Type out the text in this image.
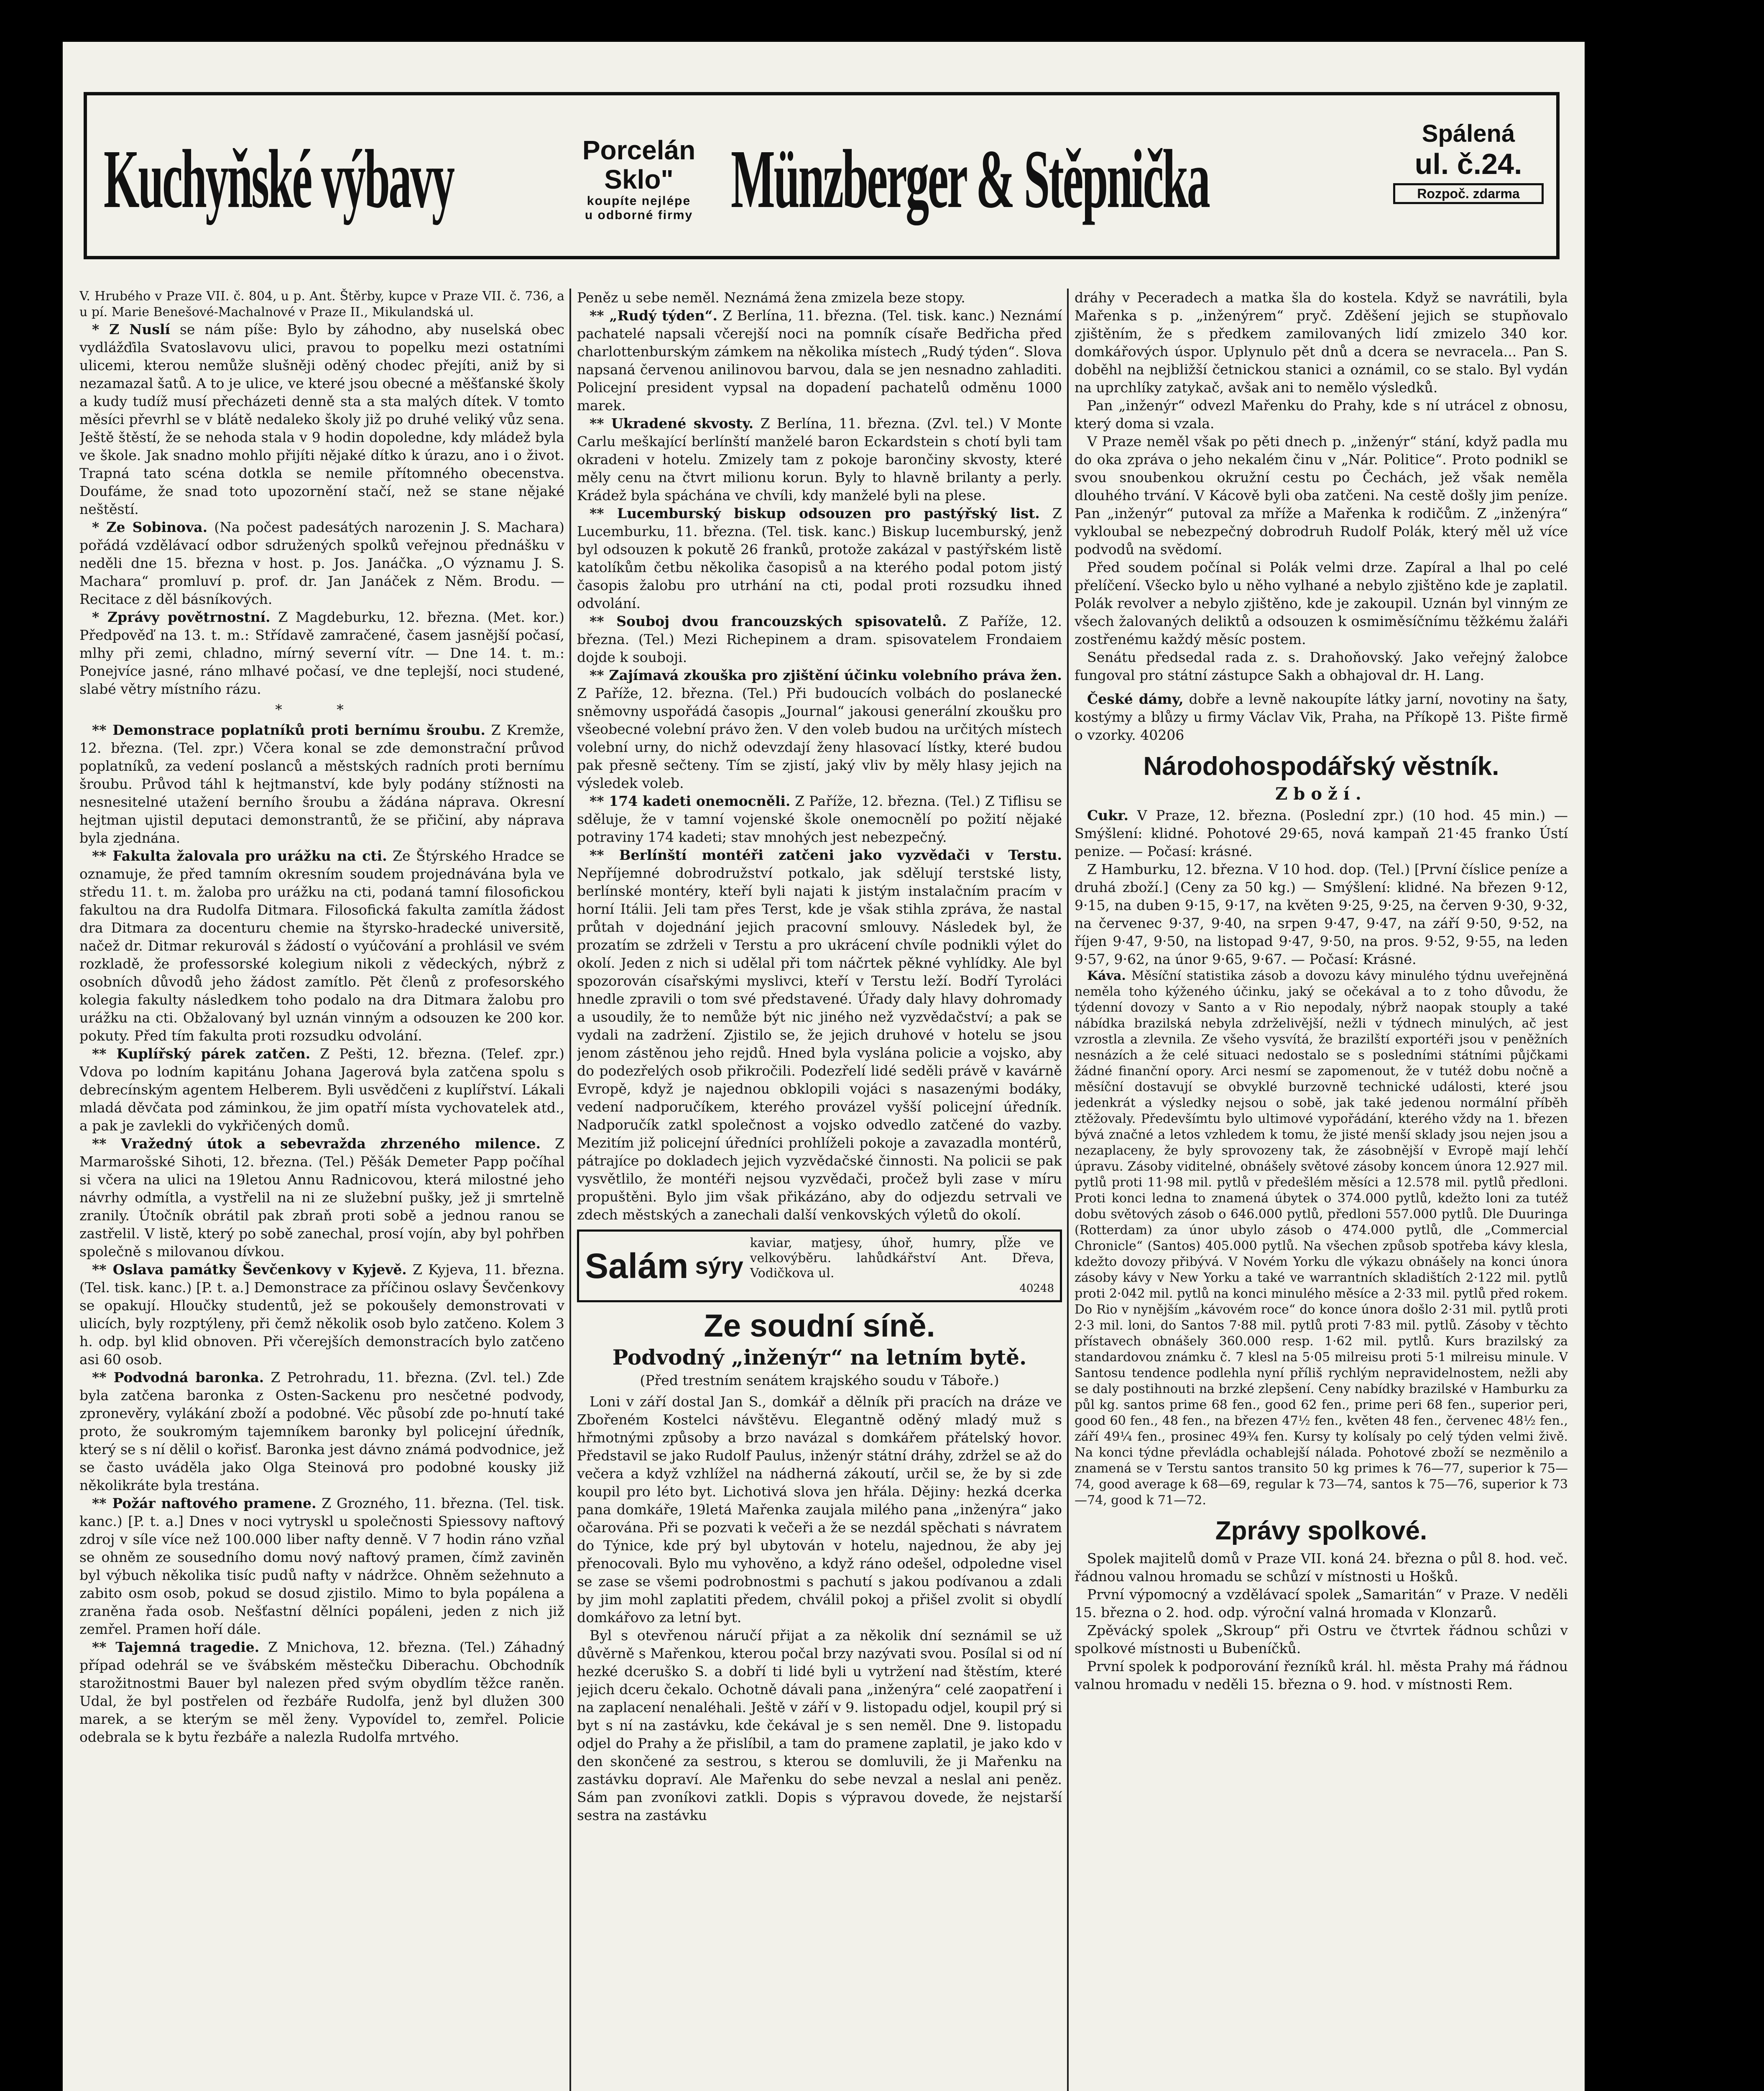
Kuchyňské výbavy	Porcelán
Sklo"
koupíte nejlépe
u odborné firmy Münzberger & Stěpnička	Spálená
ul. č.24.
Rozpoč. zdarma

V. Hrubého v Praze VII. č. 804, u p. Ant. Štěrby, kupce v Praze VII. č. 736, a u pí. Marie Benešové-Machalnové v Praze II., Mikulandská ul.

* Z Nuslí se nám píše: Bylo by záhodno, aby nuselská obec vydlážďila Svatoslavovu ulici, pravou to popelku mezi ostatními ulicemi, kterou nemůže slušněji oděný chodec přejíti, aniž by si nezamazal šatů. A to je ulice, ve které jsou obecné a měšťanské školy a kudy tudíž musí přecházeti denně sta a sta malých dítek. V tomto měsíci převrhl se v blátě nedaleko školy již po druhé veliký vůz sena. Ještě štěstí, že se nehoda stala v 9 hodin dopoledne, kdy mládež byla ve škole. Jak snadno mohlo přijíti nějaké dítko k úrazu, ano i o život. Trapná tato scéna dotkla se nemile přítomného obecenstva. Doufáme, že snad toto upozornění stačí, než se stane nějaké neštěstí.

* Ze Sobinova. (Na počest padesátých narozenin J. S. Machara) pořádá vzdělávací odbor sdružených spolků veřejnou přednášku v neděli dne 15. března v host. p. Jos. Janáčka. „O významu J. S. Machara“ promluví p. prof. dr. Jan Janáček z Něm. Brodu. — Recitace z děl básníkových.

* Zprávy povětrnostní. Z Magdeburku, 12. března. (Met. kor.) Předpověď na 13. t. m.: Střídavě zamračené, časem jasnější počasí, mlhy při zemi, chladno, mírný severní vítr. — Dne 14. t. m.: Ponejvíce jasné, ráno mlhavé počasí, ve dne teplejší, noci studené, slabé větry místního rázu.

* *

** Demonstrace poplatníků proti bernímu šroubu. Z Kremže, 12. března. (Tel. zpr.) Včera konal se zde demonstrační průvod poplatníků, za vedení poslanců a městských radních proti bernímu šroubu. Průvod táhl k hejtmanství, kde byly podány stížnosti na nesnesitelné utažení berního šroubu a žádána náprava. Okresní hejtman ujistil deputaci demonstrantů, že se přičiní, aby náprava byla zjednána.

** Fakulta žalovala pro urážku na cti. Ze Štýrského Hradce se oznamuje, že před tamním okresním soudem projednávána byla ve středu 11. t. m. žaloba pro urážku na cti, podaná tamní filosofickou fakultou na dra Rudolfa Ditmara. Filosofická fakulta zamítla žádost dra Ditmara za docenturu chemie na štyrsko-hradecké universitě, načež dr. Ditmar rekurovál s žádostí o vyúčování a prohlásil ve svém rozkladě, že professorské kolegium nikoli z vědeckých, nýbrž z osobních důvodů jeho žádost zamítlo. Pět členů z profesorského kolegia fakulty následkem toho podalo na dra Ditmara žalobu pro urážku na cti. Obžalovaný byl uznán vinným a odsouzen ke 200 kor. pokuty. Před tím fakulta proti rozsudku odvolání.

** Kuplířský párek zatčen. Z Pešti, 12. března. (Telef. zpr.) Vdova po lodním kapitánu Johana Jagerová byla zatčena spolu s debrecínským agentem Helberem. Byli usvědčeni z kuplířství. Lákali mladá děvčata pod záminkou, že jim opatří místa vychovatelek atd., a pak je zavlekli do vykřičených domů.

** Vražedný útok a sebevražda zhrzeného milence. Z Marmarošské Sihoti, 12. března. (Tel.) Pěšák Demeter Papp počíhal si včera na ulici na 19letou Annu Radnicovou, která milostné jeho návrhy odmítla, a vystřelil na ni ze služební pušky, jež ji smrtelně zranily. Útočník obrátil pak zbraň proti sobě a jednou ranou se zastřelil. V listě, který po sobě zanechal, prosí vojín, aby byl pohřben společně s milovanou dívkou.

** Oslava památky Ševčenkovy v Kyjevě. Z Kyjeva, 11. března. (Tel. tisk. kanc.) [P. t. a.] Demonstrace za příčinou oslavy Ševčenkovy se opakují. Hloučky studentů, jež se pokoušely demonstrovati v ulicích, byly rozptýleny, při čemž několik osob bylo zatčeno. Kolem 3 h. odp. byl klid obnoven. Při včerejších demonstracích bylo zatčeno asi 60 osob.

** Podvodná baronka. Z Petrohradu, 11. března. (Zvl. tel.) Zde byla zatčena baronka z Osten-Sackenu pro nesčetné podvody, zpronevěry, vylákání zboží a podobné. Věc působí zde po-hnutí také proto, že soukromým tajemníkem baronky byl policejní úředník, který se s ní dělil o kořisť. Baronka jest dávno známá podvodnice, jež se často uváděla jako Olga Steinová pro podobné kousky již několikráte byla trestána.

** Požár naftového pramene. Z Grozného, 11. března. (Tel. tisk. kanc.) [P. t. a.] Dnes v noci vytryskl u společnosti Spiessovy naftový zdroj v síle více než 100.000 liber nafty denně. V 7 hodin ráno vzňal se ohněm ze sousedního domu nový naftový pramen, čímž zaviněn byl výbuch několika tisíc pudů nafty v nádržce. Ohněm sežehnuto a zabito osm osob, pokud se dosud zjistilo. Mimo to byla popálena a zraněna řada osob. Nešťastní dělníci popáleni, jeden z nich již zemřel. Pramen hoří dále.

** Tajemná tragedie. Z Mnichova, 12. března. (Tel.) Záhadný případ odehrál se ve švábském městečku Diberachu. Obchodník starožitnostmi Bauer byl nalezen před svým obydlím těžce raněn. Udal, že byl postřelen od řezbáře Rudolfa, jenž byl dlužen 300 marek, a se kterým se měl ženy. Vypovídel to, zemřel. Policie odebrala se k bytu řezbáře a nalezla Rudolfa mrtvého.

Peněz u sebe neměl. Neznámá žena zmizela beze stopy.

** „Rudý týden“. Z Berlína, 11. března. (Tel. tisk. kanc.) Neznámí pachatelé napsali včerejší noci na pomník císaře Bedřicha před charlottenburským zámkem na několika místech „Rudý týden“. Slova napsaná červenou anilinovou barvou, dala se jen nesnadno zahladiti. Policejní president vypsal na dopadení pachatelů odměnu 1000 marek.

** Ukradené skvosty. Z Berlína, 11. března. (Zvl. tel.) V Monte Carlu meškající berlínští manželé baron Eckardstein s chotí byli tam okradeni v hotelu. Zmizely tam z pokoje barončiny skvosty, které měly cenu na čtvrt milionu korun. Byly to hlavně brilanty a perly. Krádež byla spáchána ve chvíli, kdy manželé byli na plese.

** Lucemburský biskup odsouzen pro pastýřský list. Z Lucemburku, 11. března. (Tel. tisk. kanc.) Biskup lucemburský, jenž byl odsouzen k pokutě 26 franků, protože zakázal v pastýřském listě katolíkům četbu několika časopisů a na kterého podal potom jistý časopis žalobu pro utrhání na cti, podal proti rozsudku ihned odvolání.

** Souboj dvou francouzských spisovatelů. Z Paříže, 12. března. (Tel.) Mezi Richepinem a dram. spisovatelem Frondaiem dojde k souboji.

** Zajímavá zkouška pro zjištění účinku volebního práva žen. Z Paříže, 12. března. (Tel.) Při budoucích volbách do poslanecké sněmovny uspořádá časopis „Journal“ jakousi generální zkoušku pro všeobecné volební právo žen. V den voleb budou na určitých místech volební urny, do nichž odevzdají ženy hlasovací lístky, které budou pak přesně sečteny. Tím se zjistí, jaký vliv by měly hlasy jejich na výsledek voleb.

** 174 kadeti onemocněli. Z Paříže, 12. března. (Tel.) Z Tiflisu se sděluje, že v tamní vojenské škole onemocnělí po požití nějaké potraviny 174 kadeti; stav mnohých jest nebezpečný.

** Berlínští montéři zatčeni jako vyzvědači v Terstu. Nepříjemné dobrodružství potkalo, jak sdělují terstské listy, berlínské montéry, kteří byli najati k jistým instalačním pracím v horní Itálii. Jeli tam přes Terst, kde je však stihla zpráva, že nastal průtah v dojednání jejich pracovní smlouvy. Následek byl, že prozatím se zdrželi v Terstu a pro ukrácení chvíle podnikli výlet do okolí. Jeden z nich si udělal při tom náčrtek pěkné vyhlídky. Ale byl spozorován císařskými myslivci, kteří v Terstu leží. Bodří Tyroláci hnedle zpravili o tom své představené. Úřady daly hlavy dohromady a usoudily, že to nemůže být nic jiného než vyzvědačství; a pak se vydali na zadržení. Zjistilo se, že jejich druhové v hotelu se jsou jenom zástěnou jeho rejdů. Hned byla vyslána policie a vojsko, aby do podezřelých osob přikročili. Podezřelí lidé seděli právě v kavárně Evropě, když je najednou obklopili vojáci s nasazenými bodáky, vedení nadporučíkem, kterého provázel vyšší policejní úředník. Nadporučík zatkl společnost a vojsko odvedlo zatčené do vazby. Mezitím již policejní úředníci prohlíželi pokoje a zavazadla montérů, pátrajíce po dokladech jejich vyzvědačské činnosti. Na policii se pak vysvětlilo, že montéři nejsou vyzvědači, pročež byli zase v míru propuštěni. Bylo jim však přikázáno, aby do odjezdu setrvali ve zdech městských a zanechali další venkovských výletů do okolí.

Salám sýry
kaviar, matjesy, úhoř, humry, pl̈že ve velkovýběru. lahůdkářství Ant. Dřeva, Vodičkova ul.
40248
Ze soudní síně.
Podvodný „inženýr“ na letním bytě.
(Před trestním senátem krajského soudu v Táboře.)

Loni v září dostal Jan S., domkář a dělník při pracích na dráze ve Zbořeném Kostelci návštěvu. Elegantně oděný mladý muž s hřmotnými způsoby a brzo navázal s domkářem přátelský hovor. Představil se jako Rudolf Paulus, inženýr státní dráhy, zdržel se až do večera a když vzhlížel na nádherná zákoutí, určil se, že by si zde koupil pro léto byt. Lichotivá slova jen hřála. Dějiny: hezká dcerka pana domkáře, 19letá Mařenka zaujala milého pana „inženýra“ jako očarována. Při se pozvati k večeři a že se nezdál spěchati s návratem do Týnice, kde prý byl ubytován v hotelu, najednou, že aby jej přenocovali. Bylo mu vyhověno, a když ráno odešel, odpoledne visel se zase se všemi podrobnostmi s pachutí s jakou podívanou a zdali by jim mohl zaplatiti předem, chválil pokoj a přišel zvolit si obydlí domkářovo za letní byt.

Byl s otevřenou náručí přijat a za několik dní seznámil se už důvěrně s Mařenkou, kterou počal brzy nazývati svou. Posílal si od ní hezké dceruško S. a dobří ti lidé byli u vytržení nad štěstím, které jejich dceru čekalo. Ochotně dávali pana „inženýra“ celé zaopatření i na zaplacení nenaléhali. Ještě v září v 9. listopadu odjel, koupil prý si byt s ní na zastávku, kde čekával je s sen neměl. Dne 9. listopadu odjel do Prahy a že přislíbil, a tam do pramene zaplatil, je jako kdo v den skončené za sestrou, s kterou se domluvili, že ji Mařenku na zastávku dopraví. Ale Mařenku do sebe nevzal a neslal ani peněz. Sám pan zvoníkovi zatkli. Dopis s výpravou dovede, že nejstarší sestra na zastávku

dráhy v Peceradech a matka šla do kostela. Když se navrátili, byla Mařenka s p. „inženýrem“ pryč. Zděšení jejich se stupňovalo zjištěním, že s předkem zamilovaných lidí zmizelo 340 kor. domkářových úspor. Uplynulo pět dnů a dcera se nevracela... Pan S. doběhl na nejbližší četnickou stanici a oznámil, co se stalo. Byl vydán na uprchlíky zatykač, avšak ani to nemělo výsledků.

Pan „inženýr“ odvezl Mařenku do Prahy, kde s ní utrácel z obnosu, který doma si vzala.

V Praze neměl však po pěti dnech p. „inženýr“ stání, když padla mu do oka zpráva o jeho nekalém činu v „Nár. Politice“. Proto podnikl se svou snoubenkou okružní cestu po Čechách, jež však neměla dlouhého trvání. V Kácově byli oba zatčeni. Na cestě došly jim peníze. Pan „inženýr“ putoval za mříže a Mařenka k rodičům. Z „inženýra“ vykloubal se nebezpečný dobrodruh Rudolf Polák, který měl už více podvodů na svědomí.

Před soudem počínal si Polák velmi drze. Zapíral a lhal po celé přelíčení. Všecko bylo u něho vylhané a nebylo zjištěno kde je zaplatil. Polák revolver a nebylo zjištěno, kde je zakoupil. Uznán byl vinným ze všech žalovaných deliktů a odsouzen k osmiměsíčnímu těžkému žaláři zostřenému každý měsíc postem.

Senátu předsedal rada z. s. Drahoňovský. Jako veřejný žalobce fungoval pro státní zástupce Sakh a obhajoval dr. H. Lang.

České dámy, dobře a levně nakoupíte látky jarní, novotiny na šaty, kostýmy a blůzy u firmy Václav Vik, Praha, na Příkopě 13. Pište firmě o vzorky. 40206

Národohospodářský věstník.
Zboží.

Cukr. V Praze, 12. března. (Poslední zpr.) (10 hod. 45 min.) — Smýšlení: klidné. Pohotové 29·65, nová kampaň 21·45 franko Ústí penize. — Počasí: krásné.

Z Hamburku, 12. března. V 10 hod. dop. (Tel.) [První číslice peníze a druhá zboží.] (Ceny za 50 kg.) — Smýšlení: klidné. Na březen 9·12, 9·15, na duben 9·15, 9·17, na květen 9·25, 9·25, na červen 9·30, 9·32, na červenec 9·37, 9·40, na srpen 9·47, 9·47, na září 9·50, 9·52, na říjen 9·47, 9·50, na listopad 9·47, 9·50, na pros. 9·52, 9·55, na leden 9·57, 9·62, na únor 9·65, 9·67. — Počasí: Krásné.

Káva. Měsíční statistika zásob a dovozu kávy minulého týdnu uveřejněná neměla toho kýženého účinku, jaký se očekával a to z toho důvodu, že týdenní dovozy v Santo a v Rio nepodaly, nýbrž naopak stouply a také nábídka brazilská nebyla zdrželivější, nežli v týdnech minulých, ač jest vzrostla a zlevnila. Ze všeho vysvítá, že brazilští exportéři jsou v peněžních nesnázích a že celé situaci nedostalo se s posledními státními půjčkami žádné finanční opory. Arci nesmí se zapomenout, že v tutéž dobu nočně a měsíční dostavují se obvyklé burzovně technické události, které jsou jedenkrát a výsledky nejsou o sobě, jak také jedenou normální příběh ztěžovaly. Předevšímtu bylo ultimové vypořádání, kterého vždy na 1. březen bývá značné a letos vzhledem k tomu, že jisté menší sklady jsou nejen jsou a nezaplaceny, že byly sprovozeny tak, že zásobnější v Evropě mají lehčí úpravu. Zásoby viditelné, obnášely světové zásoby koncem února 12.927 mil. pytlů proti 11·98 mil. pytlů v předešlém měsíci a 12.578 mil. pytlů předloni. Proti konci ledna to znamená úbytek o 374.000 pytlů, kdežto loni za tutéž dobu světových zásob o 646.000 pytlů, předloni 557.000 pytlů. Dle Duuringa (Rotterdam) za únor ubylo zásob o 474.000 pytlů, dle „Commercial Chronicle“ (Santos) 405.000 pytlů. Na všechen způsob spotřeba kávy klesla, kdežto dovozy přibývá. V Novém Yorku dle výkazu obnášely na konci února zásoby kávy v New Yorku a také ve warrantních skladištích 2·122 mil. pytlů proti 2·042 mil. pytlů na konci minulého měsíce a 2·33 mil. pytlů před rokem. Do Rio v nynějším „kávovém roce“ do konce února došlo 2·31 mil. pytlů proti 2·3 mil. loni, do Santos 7·88 mil. pytlů proti 7·83 mil. pytlů. Zásoby v těchto přístavech obnášely 360.000 resp. 1·62 mil. pytlů. Kurs brazilský za standardovou známku č. 7 klesl na 5·05 milreisu proti 5·1 milreisu minule. V Santosu tendence podlehla nyní příliš rychlým nepravidelnostem, nežli aby se daly postihnouti na brzké zlepšení. Ceny nabídky brazilské v Hamburku za půl kg. santos prime 68 fen., good 62 fen., prime peri 68 fen., superior peri, good 60 fen., 48 fen., na březen 47½ fen., květen 48 fen., červenec 48½ fen., září 49¼ fen., prosinec 49¾ fen. Kursy ty kolísaly po celý týden velmi živě. Na konci týdne převládla ochablejší nálada. Pohotové zboží se nezměnilo a znamená se v Terstu santos transito 50 kg primes k 76—77, superior k 75—74, good average k 68—69, regular k 73—74, santos k 75—76, superior k 73—74, good k 71—72.

Zprávy spolkové.

Spolek majitelů domů v Praze VII. koná 24. března o půl 8. hod. več. řádnou valnou hromadu se schůzí v místnosti u Hošků.

První výpomocný a vzdělávací spolek „Samaritán“ v Praze. V neděli 15. března o 2. hod. odp. výroční valná hromada v Klonzarů.

Zpěvácký spolek „Skroup“ při Ostru ve čtvrtek řádnou schůzi v spolkové místnosti u Bubeníčků.

První spolek k podporování řezníků král. hl. města Prahy má řádnou valnou hromadu v neděli 15. března o 9. hod. v místnosti Rem.
